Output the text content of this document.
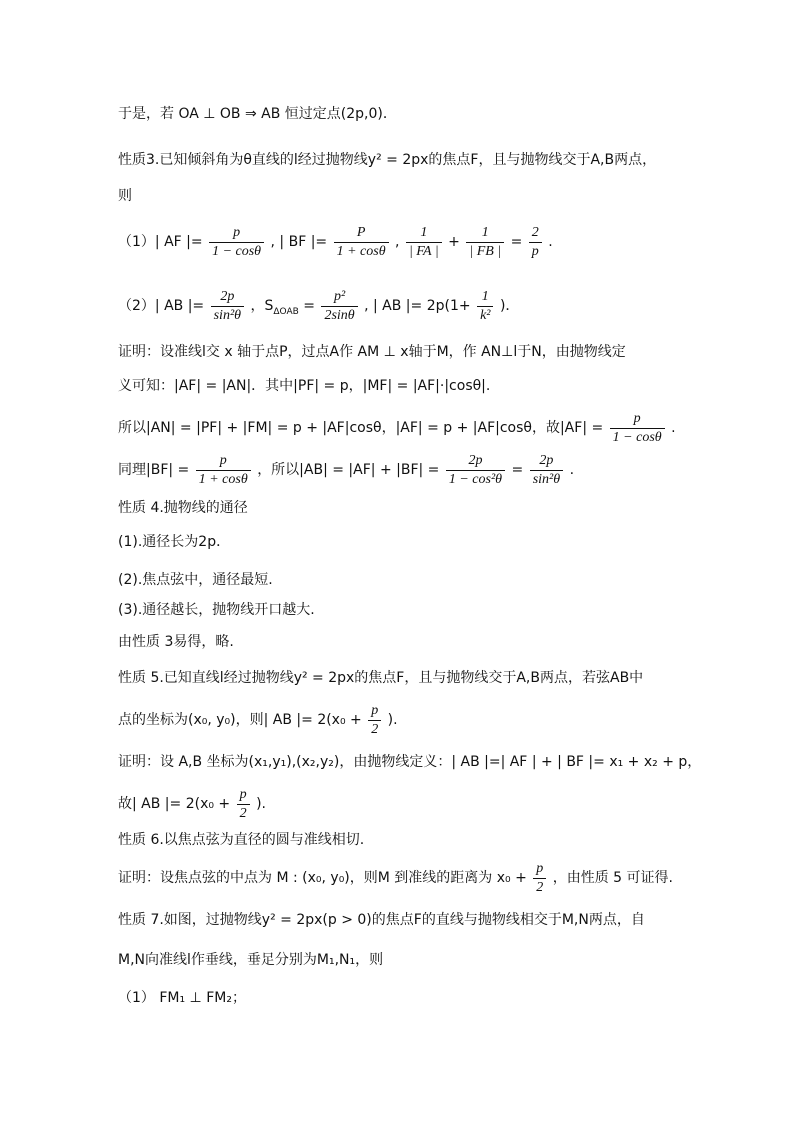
于是，若 OA ⊥ OB ⇒ AB 恒过定点(2p,0)．
性质3.已知倾斜角为θ直线的l经过抛物线y² = 2px的焦点F，且与抛物线交于A,B两点，
则
（1）| AF |= $\frac{p}{1 - \cos\theta}$ , | BF |= $\frac{P}{1 + \cos\theta}$ , $\frac{1}{| FA |} + \frac{1}{| FB |} = \frac{2}{p}$ .
（2）| AB |= $\frac{2p}{\text{sin²θ}}$ ，$S_{\Delta OAB} = \frac{\text{p²}}{2\sin\theta}$ , | AB |= $2p(1+ \frac{1}{\text{k²}}$ )．
证明：设准线l交 x 轴于点P，过点A作 AM ⊥ x轴于M，作 AN⊥l于N，由抛物线定
义可知：|AF| = |AN|．其中|PF| = p，|MF| = |AF|·|cosθ|.
所以|AN| = |PF| + |FM| = p + |AF|cosθ，|AF| = p + |AF|cosθ，故$|AF| = \frac{p}{1 - \cos\theta}$ .
同理$|BF| = \frac{p}{1 + \cos\theta}$ ，所以$|AB| = |AF| + |BF| = \frac{2p}{\text{1 − cos²θ}} = \frac{2p}{\text{sin²θ}}$ .
性质 4.抛物线的通径
(1).通径长为2p．
(2).焦点弦中，通径最短.
(3).通径越长，抛物线开口越大.
由性质 3易得，略.
性质 5.已知直线l经过抛物线y² = 2px的焦点F，且与抛物线交于A,B两点，若弦AB中
点的坐标为(x₀, y₀)，则| AB |= $2(x_0 + \frac{p}{2}$ ).
证明：设 A,B 坐标为(x₁,y₁),(x₂,y₂)，由抛物线定义：| AB |=| AF | + | BF |= x₁ + x₂ + p，
故| AB |= $2(x_0 + \frac{p}{2}$ ).
性质 6.以焦点弦为直径的圆与准线相切.
证明：设焦点弦的中点为 M : (x₀, y₀)，则M 到准线的距离为 $x_0 + \frac{p}{2}$ ，由性质 5 可证得.
性质 7.如图，过抛物线y² = 2px(p > 0)的焦点F的直线与抛物线相交于M,N两点，自
M,N向准线l作垂线，垂足分别为M₁,N₁，则
（1） FM₁ ⊥ FM₂；
